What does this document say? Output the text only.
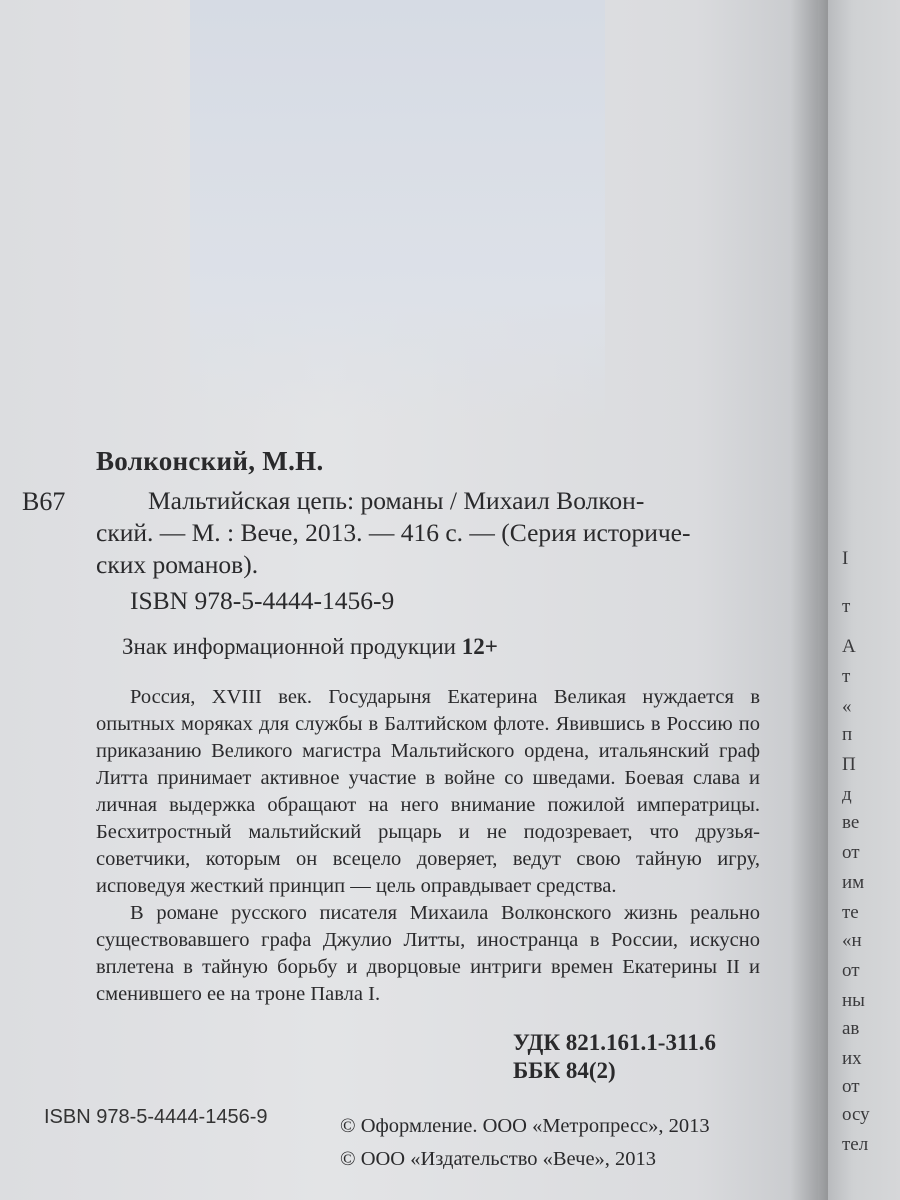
Волконский, М.Н.
В67	Мальтийская цепь: романы / Михаил Волкон-
ский. — М. : Вече, 2013. — 416 с. — (Серия историче-
ских романов).
ISBN 978-5-4444-1456-9
Знак информационной продукции 12+

Россия, XVIII век. Государыня Екатерина Великая нуждается в опытных моряках для службы в Балтийском флоте. Явившись в Россию по приказанию Великого магистра Мальтийского ордена, итальянский граф Литта принимает активное участие в войне со шведами. Боевая слава и личная выдержка обращают на него внимание пожилой императрицы. Бесхитростный мальтийский рыцарь и не подозревает, что друзья-советчики, которым он всецело доверяет, ведут свою тайную игру, исповедуя жесткий принцип — цель оправдывает средства.

В романе русского писателя Михаила Волконского жизнь реально существовавшего графа Джулио Литты, иностранца в России, искусно вплетена в тайную борьбу и дворцовые интриги времен Екатерины II и сменившего ее на троне Павла I.

УДК 821.161.1-311.6
ББК 84(2)
ISBN 978-5-4444-1456-9	© Оформление. ООО «Метропресс», 2013
© ООО «Издательство «Вече», 2013
I
т
А
т
«
п
П
д
ве
от
им
те
«н
от
ны
ав
их
от
осу
тел
